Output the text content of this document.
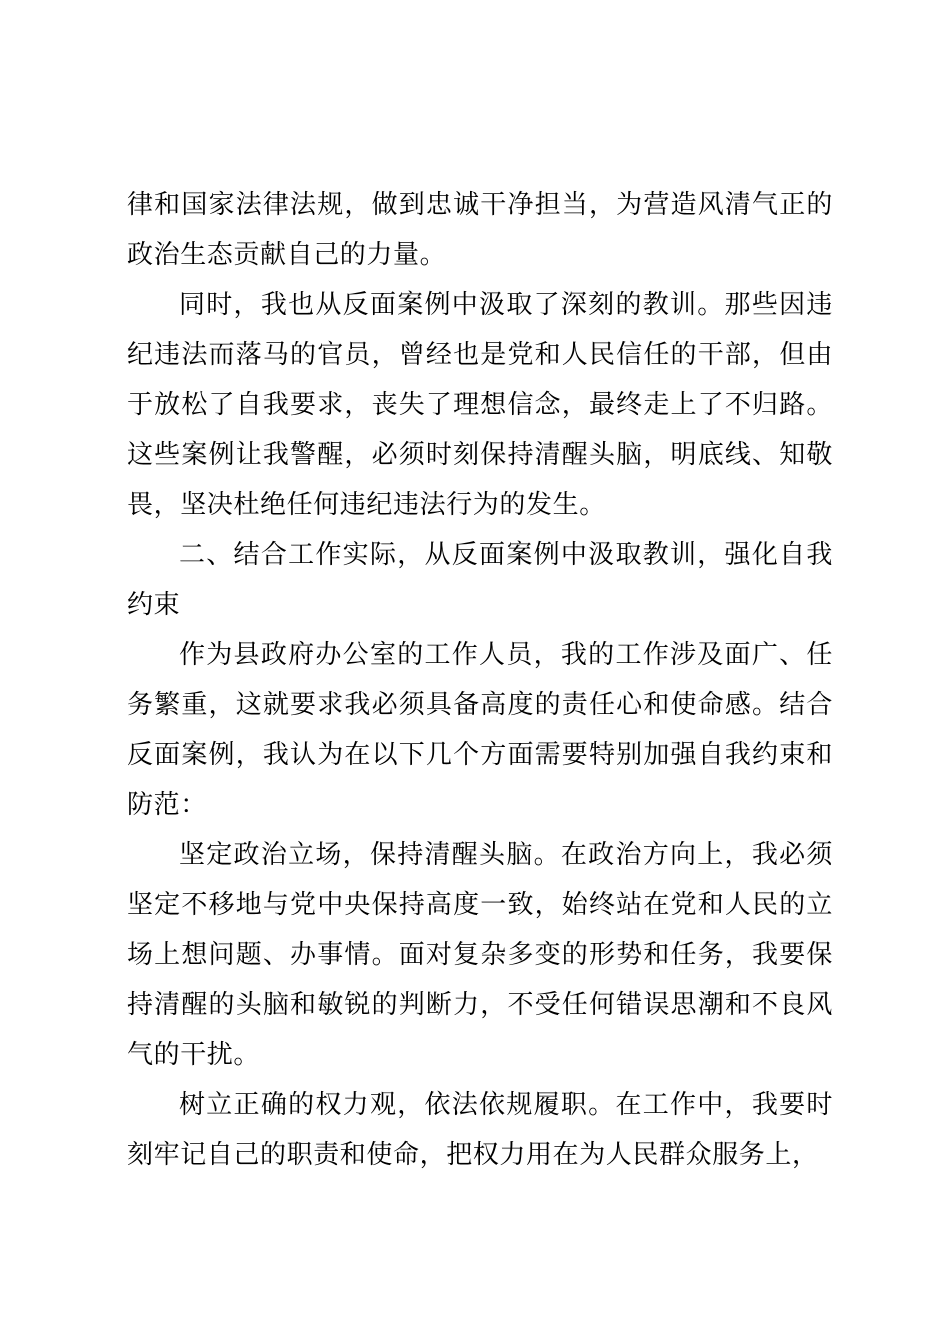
律和国家法律法规，做到忠诚干净担当，为营造风清气正的政治生态贡献自己的力量。

同时，我也从反面案例中汲取了深刻的教训。那些因违纪违法而落马的官员，曾经也是党和人民信任的干部，但由于放松了自我要求，丧失了理想信念，最终走上了不归路。这些案例让我警醒，必须时刻保持清醒头脑，明底线、知敬畏，坚决杜绝任何违纪违法行为的发生。

二、结合工作实际，从反面案例中汲取教训，强化自我约束

作为县政府办公室的工作人员，我的工作涉及面广、任务繁重，这就要求我必须具备高度的责任心和使命感。结合反面案例，我认为在以下几个方面需要特别加强自我约束和防范：

坚定政治立场，保持清醒头脑。在政治方向上，我必须坚定不移地与党中央保持高度一致，始终站在党和人民的立场上想问题、办事情。面对复杂多变的形势和任务，我要保持清醒的头脑和敏锐的判断力，不受任何错误思潮和不良风气的干扰。

树立正确的权力观，依法依规履职。在工作中，我要时刻牢记自己的职责和使命，把权力用在为人民群众服务上，
